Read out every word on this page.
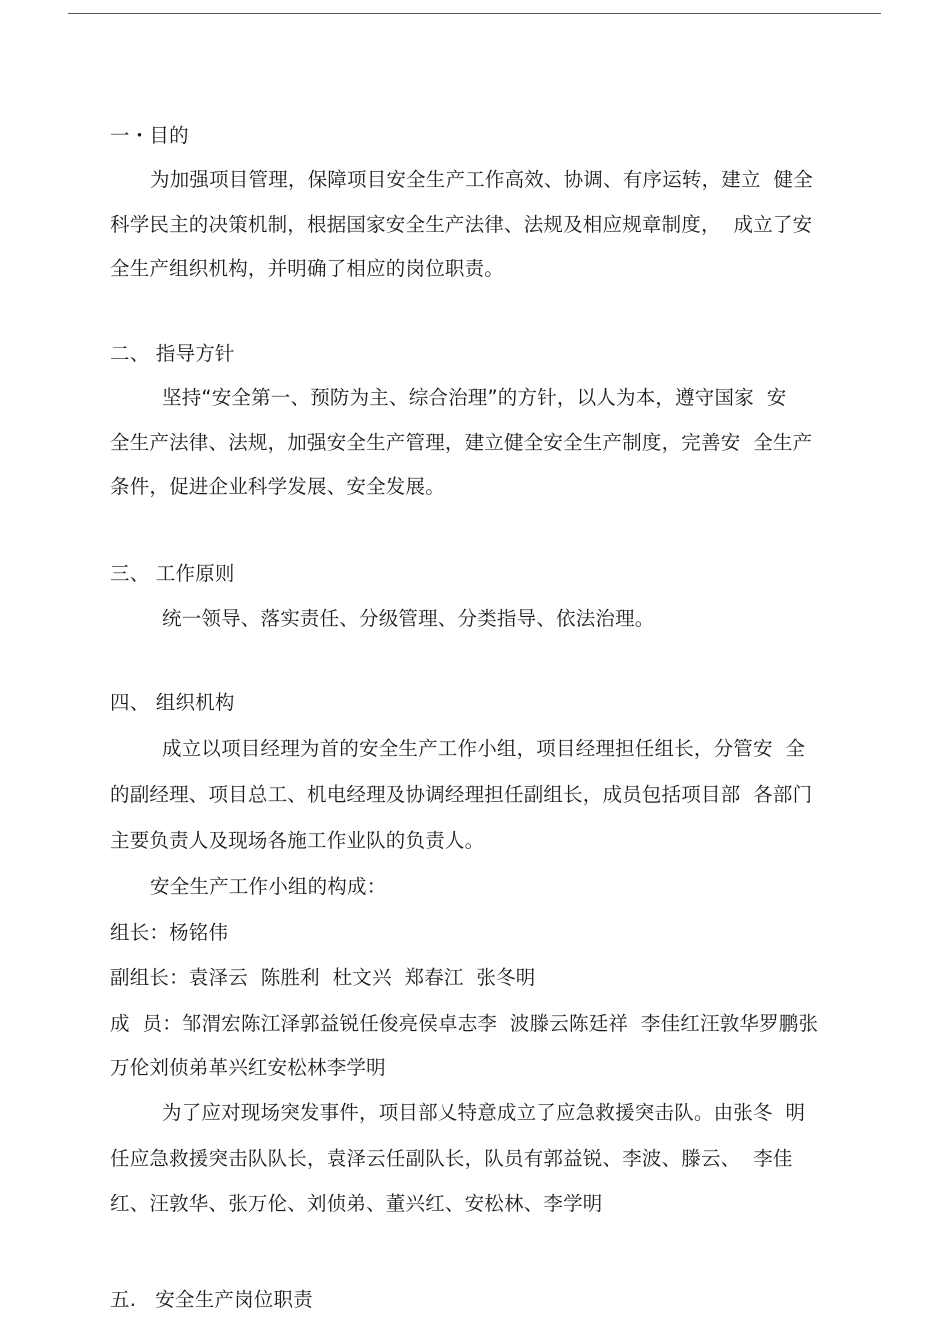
一・目的
为加强项目管理，保障项目安全生产工作高效、协调、有序运转，建立  健全
科学民主的决策机制，根据国家安全生产法律、法规及相应规章制度，  成立了安
全生产组织机构，并明确了相应的岗位职责。
二、 指导方针
坚持“安全第一、预防为主、综合治理”的方针，以人为本，遵守国家  安
全生产法律、法规，加强安全生产管理，建立健全安全生产制度，完善安  全生产
条件，促进企业科学发展、安全发展。
三、 工作原则
统一领导、落实责任、分级管理、分类指导、依法治理。
四、 组织机构
成立以项目经理为首的安全生产工作小组，项目经理担任组长，分管安  全
的副经理、项目总工、机电经理及协调经理担任副组长，成员包括项目部  各部门
主要负责人及现场各施工作业队的负责人。
安全生产工作小组的构成：
组长：杨铭伟
副组长：袁泽云  陈胜利  杜文兴  郑春江  张冬明
成  员：邹渭宏陈江泽郭益锐任俊亮侯卓志李  波滕云陈廷祥  李佳红汪敦华罗鹏张
万伦刘侦弟革兴红安松林李学明
为了应对现场突发事件，项目部乂特意成立了应急救援突击队。由张冬  明
任应急救援突击队队长，袁泽云任副队长，队员有郭益锐、李波、滕云、  李佳
红、汪敦华、张万伦、刘侦弟、董兴红、安松林、李学明
五.   安全生产岗位职责
